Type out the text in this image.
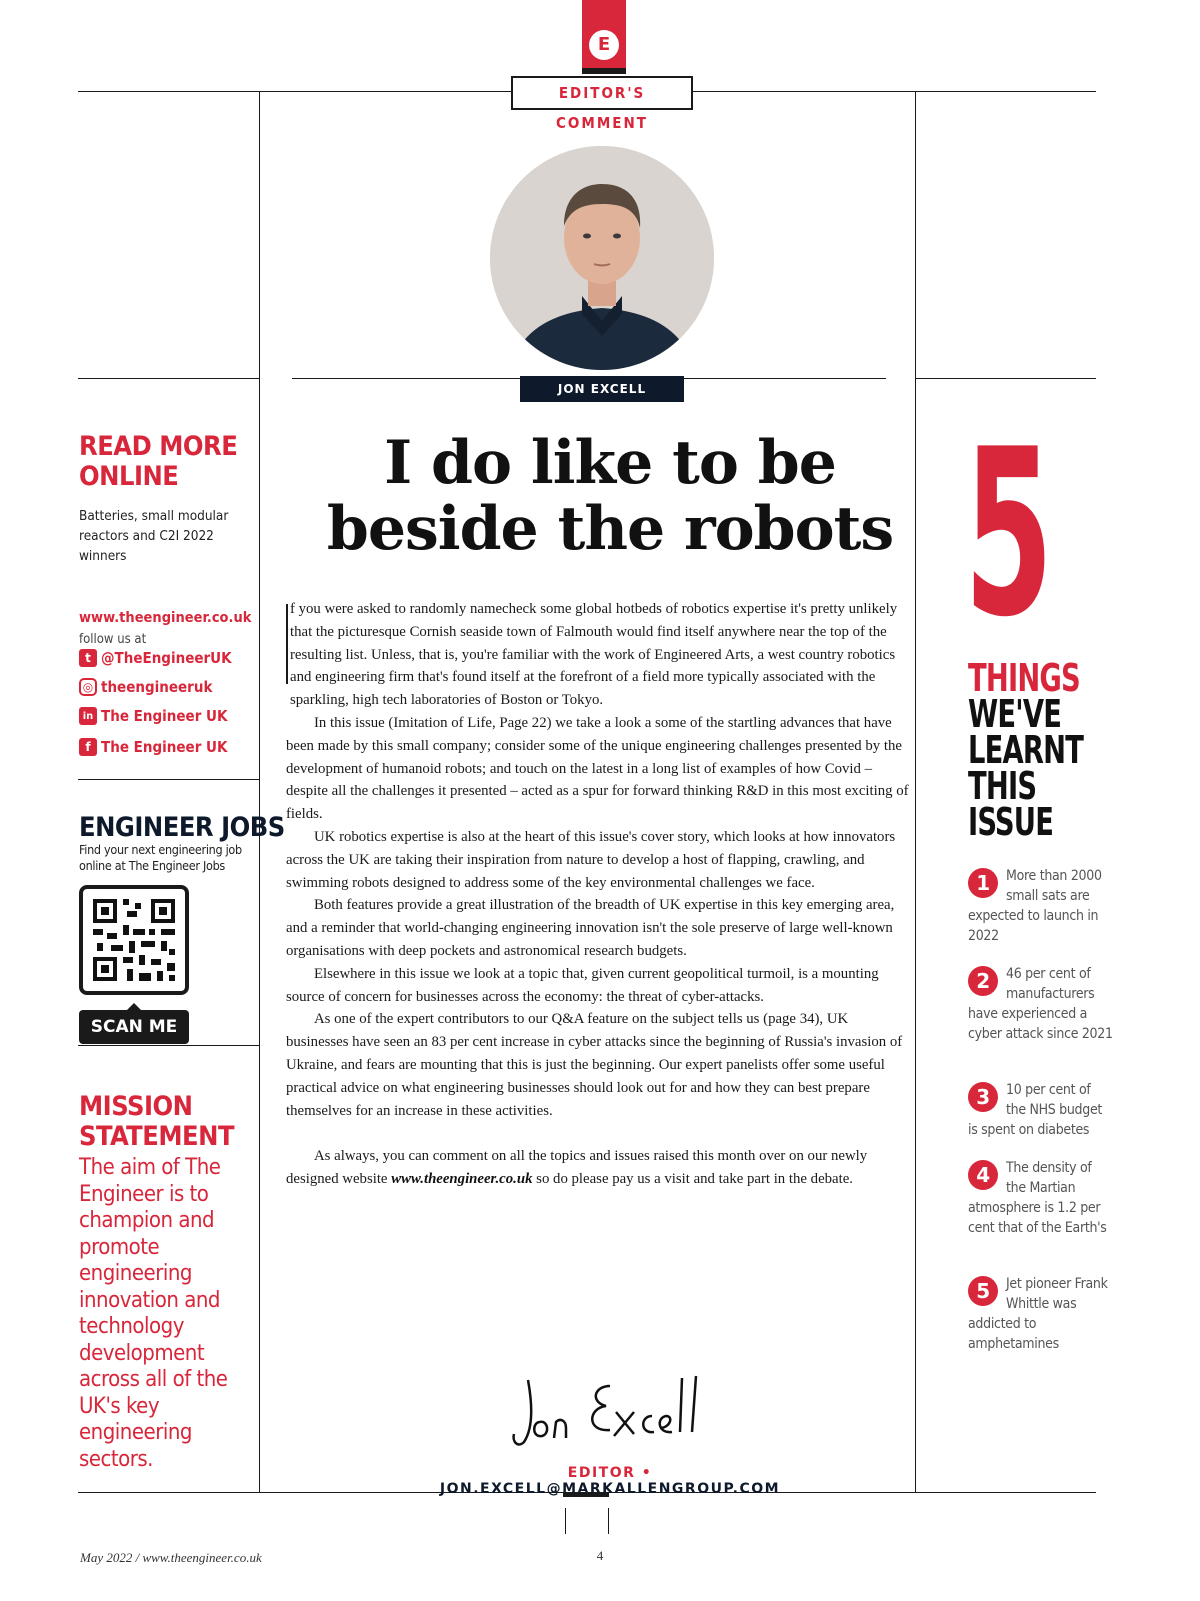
E
EDITOR'S COMMENT
JON EXCELL
I do like to be
beside the robots

f you were asked to randomly namecheck some global hotbeds of robotics expertise it's pretty unlikely that the picturesque Cornish seaside town of Falmouth would find itself anywhere near the top of the resulting list. Unless, that is, you're familiar with the work of Engineered Arts, a west country robotics and engineering firm that's found itself at the forefront of a field more typically associated with the sparkling, high tech laboratories of Boston or Tokyo.

In this issue (Imitation of Life, Page 22) we take a look a some of the startling advances that have been made by this small company; consider some of the unique engineering challenges presented by the development of humanoid robots; and touch on the latest in a long list of examples of how Covid – despite all the challenges it presented – acted as a spur for forward thinking R&D in this most exciting of fields.

UK robotics expertise is also at the heart of this issue's cover story, which looks at how innovators across the UK are taking their inspiration from nature to develop a host of flapping, crawling, and swimming robots designed to address some of the key environmental challenges we face.

Both features provide a great illustration of the breadth of UK expertise in this key emerging area, and a reminder that world-changing engineering innovation isn't the sole preserve of large well-known organisations with deep pockets and astronomical research budgets.

Elsewhere in this issue we look at a topic that, given current geopolitical turmoil, is a mounting source of concern for businesses across the economy: the threat of cyber-attacks.

As one of the expert contributors to our Q&A feature on the subject tells us (page 34), UK businesses have seen an 83 per cent increase in cyber attacks since the beginning of Russia's invasion of Ukraine, and fears are mounting that this is just the beginning. Our expert panelists offer some useful practical advice on what engineering businesses should look out for and how they can best prepare themselves for an increase in these activities.

As always, you can comment on all the topics and issues raised this month over on our newly designed website www.theengineer.co.uk so do please pay us a visit and take part in the debate.

EDITOR • JON.EXCELL@MARKALLENGROUP.COM
READ MORE
ONLINE
Batteries, small modular reactors and C2I 2022 winners
www.theengineer.co.uk
follow us at
t @TheEngineerUK
◎ theengineeruk
in The Engineer UK
f The Engineer UK
ENGINEER JOBS
Find your next engineering job online at The Engineer Jobs
SCAN ME
MISSION
STATEMENT
The aim of The Engineer is to champion and promote engineering innovation and technology development across all of the UK's key engineering sectors.
5
THINGS
WE'VE
LEARNT
THIS
ISSUE
1	More than 2000 small sats are expected to launch in 2022
2	46 per cent of manufacturers have experienced a cyber attack since 2021
3	10 per cent of the NHS budget is spent on diabetes
4	The density of the Martian atmosphere is 1.2 per cent that of the Earth's
5	Jet pioneer Frank Whittle was addicted to amphetamines
May 2022 / www.theengineer.co.uk	4
